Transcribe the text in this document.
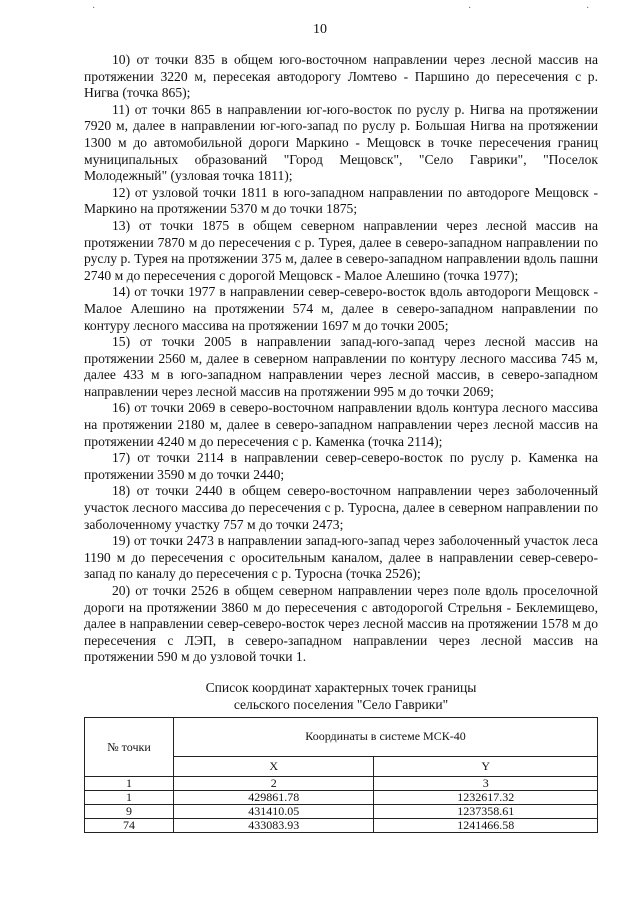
·	·	·
10

10) от точки 835 в общем юго-восточном направлении через лесной массив на протяжении 3220 м, пересекая автодорогу Ломтево - Паршино до пересечения с р. Нигва (точка 865);

11) от точки 865 в направлении юг-юго-восток по руслу р. Нигва на протяжении 7920 м, далее в направлении юг-юго-запад по руслу р. Большая Нигва на протяжении 1300 м до автомобильной дороги Маркино - Мещовск в точке пересечения границ муниципальных образований "Город Мещовск", "Село Гаврики", "Поселок Молодежный" (узловая точка 1811);

12) от узловой точки 1811 в юго-западном направлении по автодороге Мещовск - Маркино на протяжении 5370 м до точки 1875;

13) от точки 1875 в общем северном направлении через лесной массив на протяжении 7870 м до пересечения с р. Турея, далее в северо-западном направлении по руслу р. Турея на протяжении 375 м, далее в северо-западном направлении вдоль пашни 2740 м до пересечения с дорогой Мещовск - Малое Алешино (точка 1977);

14) от точки 1977 в направлении север-северо-восток вдоль автодороги Мещовск - Малое Алешино на протяжении 574 м, далее в северо-западном направлении по контуру лесного массива на протяжении 1697 м до точки 2005;

15) от точки 2005 в направлении запад-юго-запад через лесной массив на протяжении 2560 м, далее в северном направлении по контуру лесного массива 745 м, далее 433 м в юго-западном направлении через лесной массив, в северо-западном направлении через лесной массив на протяжении 995 м до точки 2069;

16) от точки 2069 в северо-восточном направлении вдоль контура лесного массива на протяжении 2180 м, далее в северо-западном направлении через лесной массив на протяжении 4240 м до пересечения с р. Каменка (точка 2114);

17) от точки 2114 в направлении север-северо-восток по руслу р. Каменка на протяжении 3590 м до точки 2440;

18) от точки 2440 в общем северо-восточном направлении через заболоченный участок лесного массива до пересечения с р. Туросна, далее в северном направлении по заболоченному участку 757 м до точки 2473;

19) от точки 2473 в направлении запад-юго-запад через заболоченный участок леса 1190 м до пересечения с оросительным каналом, далее в направлении север-северо-запад по каналу до пересечения с р. Туросна (точка 2526);

20) от точки 2526 в общем северном направлении через поле вдоль проселочной дороги на протяжении 3860 м до пересечения с автодорогой Стрельня - Беклемищево, далее в направлении север-северо-восток через лесной массив на протяжении 1578 м до пересечения с ЛЭП, в северо-западном направлении через лесной массив на протяжении 590 м до узловой точки 1.

Список координат характерных точек границы
сельского поселения "Село Гаврики"
№ точки	Координаты в системе МСК-40	
	X	Y
1	2	3
1	429861.78	1232617.32
9	431410.05	1237358.61
74	433083.93	1241466.58
